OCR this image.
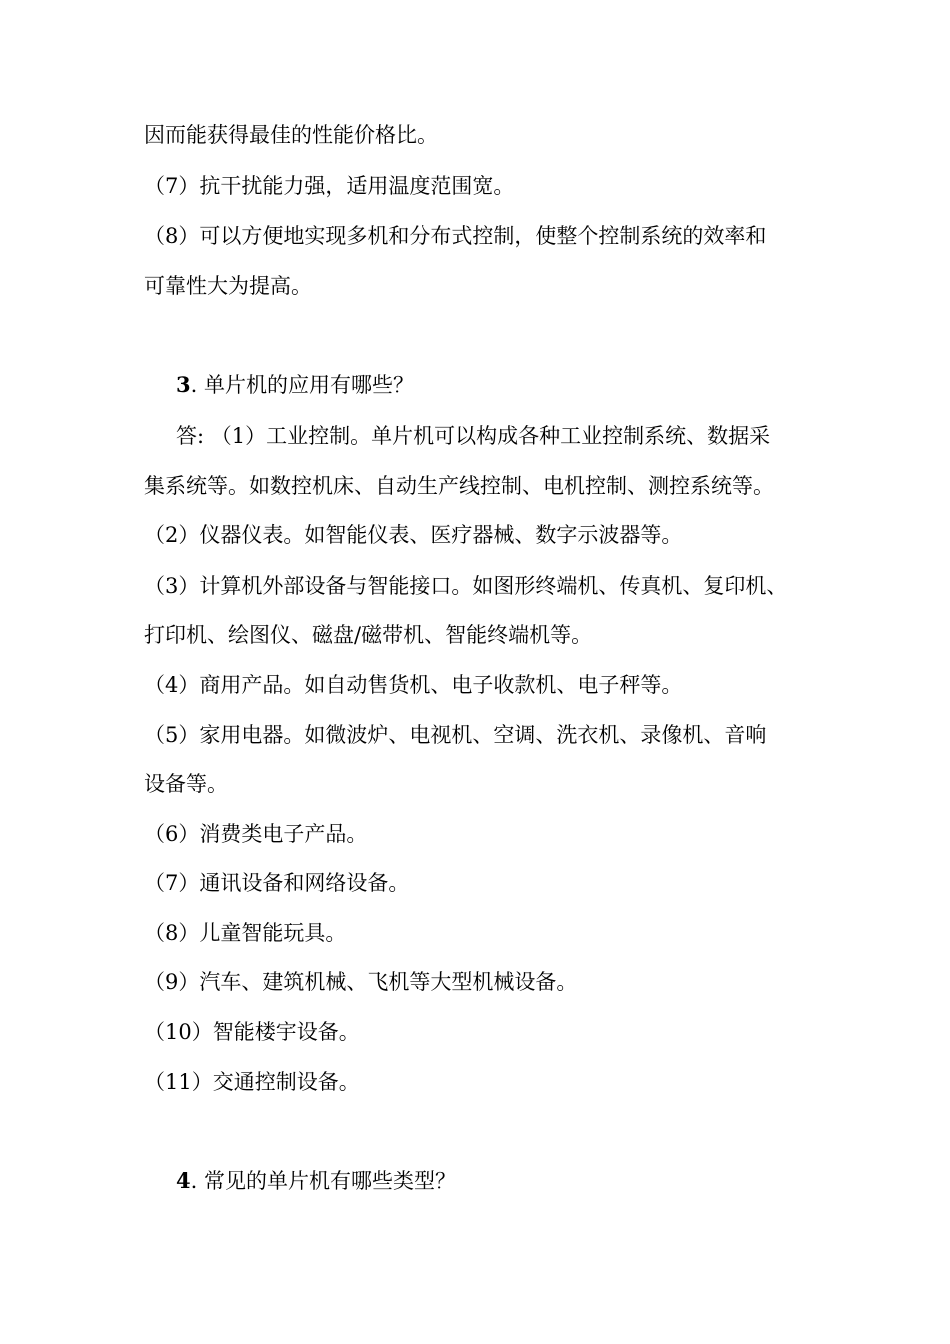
因而能获得最佳的性能价格比。
（7）抗干扰能力强，适用温度范围宽。
（8）可以方便地实现多机和分布式控制，使整个控制系统的效率和
可靠性大为提高。
3. 单片机的应用有哪些？
答: （1）工业控制。单片机可以构成各种工业控制系统、数据采
集系统等。如数控机床、自动生产线控制、电机控制、测控系统等。
（2）仪器仪表。如智能仪表、医疗器械、数字示波器等。
（3）计算机外部设备与智能接口。如图形终端机、传真机、复印机、
打印机、绘图仪、磁盘/磁带机、智能终端机等。
（4）商用产品。如自动售货机、电子收款机、电子秤等。
（5）家用电器。如微波炉、电视机、空调、洗衣机、录像机、音响
设备等。
（6）消费类电子产品。
（7）通讯设备和网络设备。
（8）儿童智能玩具。
（9）汽车、建筑机械、飞机等大型机械设备。
（10）智能楼宇设备。
（11）交通控制设备。
4. 常见的单片机有哪些类型？
